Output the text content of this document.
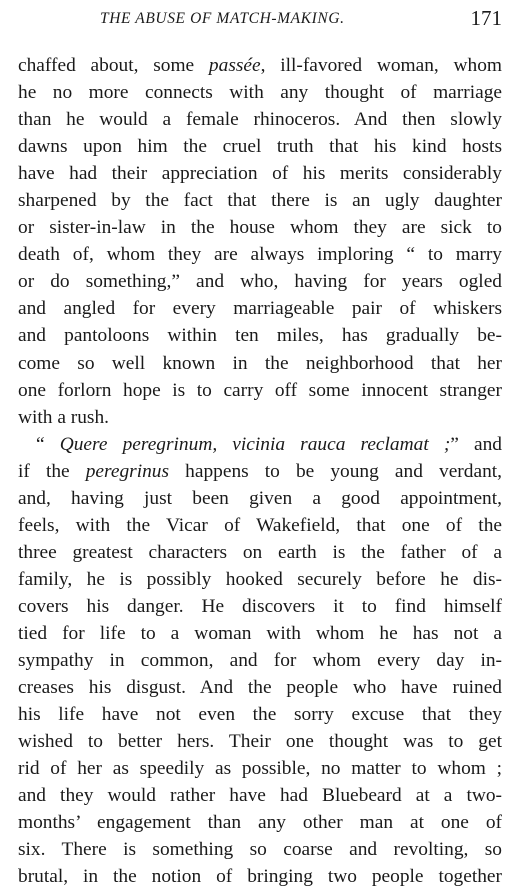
THE ABUSE OF MATCH-MAKING.	171
chaffed about, some passée, ill-favored woman, whom
he no more connects with any thought of marriage
than he would a female rhinoceros. And then slowly
dawns upon him the cruel truth that his kind hosts
have had their appreciation of his merits considerably
sharpened by the fact that there is an ugly daughter
or sister-in-law in the house whom they are sick to
death of, whom they are always imploring “ to marry
or do something,” and who, having for years ogled
and angled for every marriageable pair of whiskers
and pantoloons within ten miles, has gradually be-
come so well known in the neighborhood that her
one forlorn hope is to carry off some innocent stranger
with a rush.
“ Quere peregrinum, vicinia rauca reclamat ;” and
if the peregrinus happens to be young and verdant,
and, having just been given a good appointment,
feels, with the Vicar of Wakefield, that one of the
three greatest characters on earth is the father of a
family, he is possibly hooked securely before he dis-
covers his danger. He discovers it to find himself
tied for life to a woman with whom he has not a
sympathy in common, and for whom every day in-
creases his disgust. And the people who have ruined
his life have not even the sorry excuse that they
wished to better hers. Their one thought was to get
rid of her as speedily as possible, no matter to whom ;
and they would rather have had Bluebeard at a two-
months’ engagement than any other man at one of
six. There is something so coarse and revolting, so
brutal, in the notion of bringing two people together
